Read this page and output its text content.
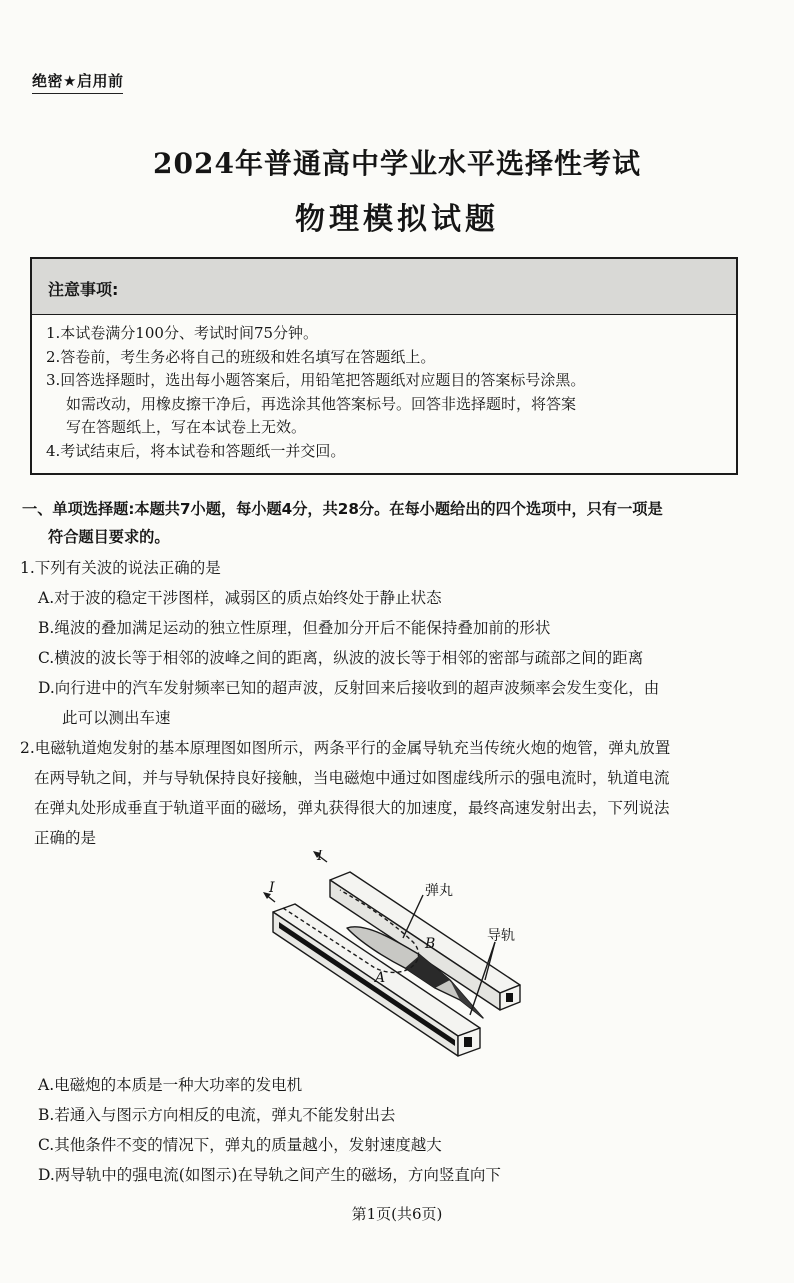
绝密★启用前
2024年普通高中学业水平选择性考试
物理模拟试题
注意事项:
1.本试卷满分100分、考试时间75分钟。
2.答卷前，考生务必将自己的班级和姓名填写在答题纸上。
3.回答选择题时，选出每小题答案后，用铅笔把答题纸对应题目的答案标号涂黑。
如需改动，用橡皮擦干净后，再选涂其他答案标号。回答非选择题时，将答案
写在答题纸上，写在本试卷上无效。
4.考试结束后，将本试卷和答题纸一并交回。
一、单项选择题:本题共7小题，每小题4分，共28分。在每小题给出的四个选项中，只有一项是
符合题目要求的。
1.下列有关波的说法正确的是
A.对于波的稳定干涉图样，减弱区的质点始终处于静止状态
B.绳波的叠加满足运动的独立性原理，但叠加分开后不能保持叠加前的形状
C.横波的波长等于相邻的波峰之间的距离，纵波的波长等于相邻的密部与疏部之间的距离
D.向行进中的汽车发射频率已知的超声波，反射回来后接收到的超声波频率会发生变化，由
此可以测出车速
2.电磁轨道炮发射的基本原理图如图所示，两条平行的金属导轨充当传统火炮的炮管，弹丸放置
在两导轨之间，并与导轨保持良好接触，当电磁炮中通过如图虚线所示的强电流时，轨道电流
在弹丸处形成垂直于轨道平面的磁场，弹丸获得很大的加速度，最终高速发射出去，下列说法
正确的是
I
I
B
A
弹丸
导轨
A.电磁炮的本质是一种大功率的发电机
B.若通入与图示方向相反的电流，弹丸不能发射出去
C.其他条件不变的情况下，弹丸的质量越小，发射速度越大
D.两导轨中的强电流(如图示)在导轨之间产生的磁场，方向竖直向下
第1页(共6页)
